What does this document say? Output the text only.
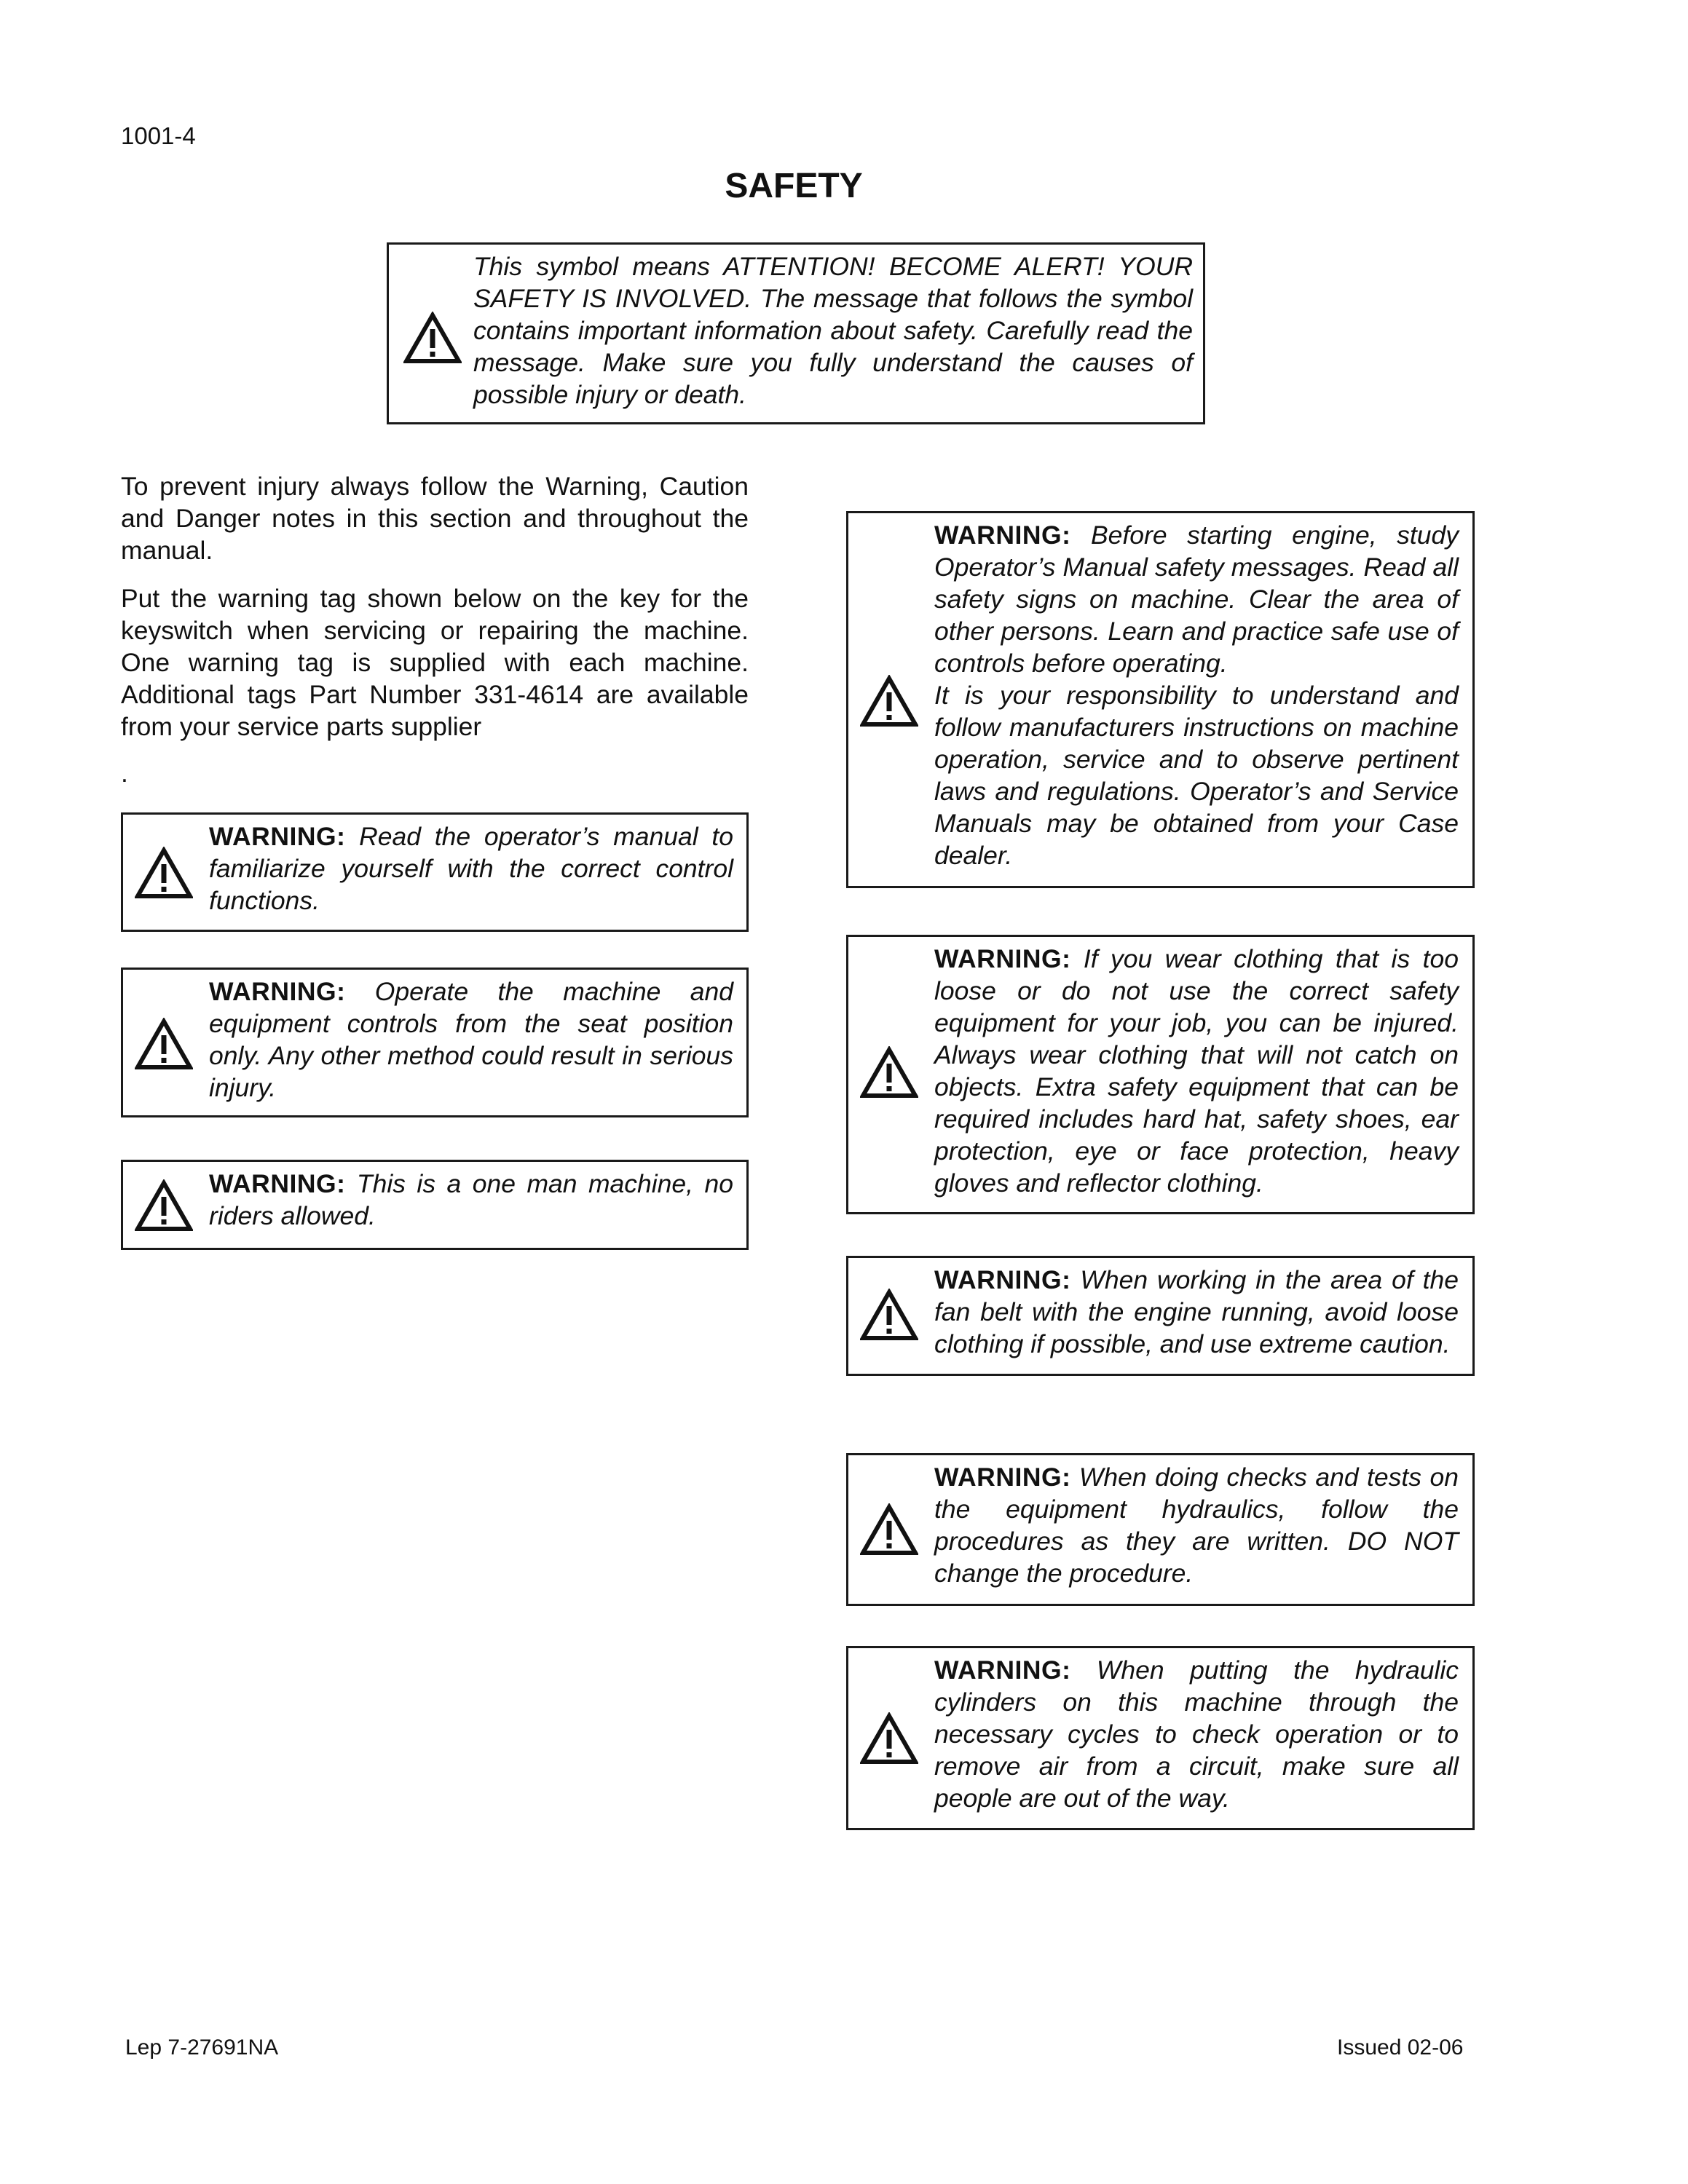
1001-4
SAFETY
This symbol means ATTENTION! BECOME ALERT! YOUR SAFETY IS INVOLVED. The message that follows the symbol contains important information about safety. Carefully read the message. Make sure you fully understand the causes of possible injury or death.
To prevent injury always follow the Warning, Caution and Danger notes in this section and throughout the manual.
Put the warning tag shown below on the key for the keyswitch when servicing or repairing the machine. One warning tag is supplied with each machine. Additional tags Part Number 331-4614 are available from your service parts supplier
.
WARNING: Read the operator’s manual to familiarize yourself with the correct control functions.
WARNING: Operate the machine and equipment controls from the seat position only. Any other method could result in serious injury.
WARNING: This is a one man machine, no riders allowed.
WARNING: Before starting engine, study Operator’s Manual safety messages. Read all safety signs on machine. Clear the area of other persons. Learn and practice safe use of controls before operating.
It is your responsibility to understand and follow manufacturers instructions on machine operation, service and to observe pertinent laws and regulations. Operator’s and Service Manuals may be obtained from your Case dealer.
WARNING: If you wear clothing that is too loose or do not use the correct safety equipment for your job, you can be injured. Always wear clothing that will not catch on objects. Extra safety equipment that can be required includes hard hat, safety shoes, ear protection, eye or face protection, heavy gloves and reflector clothing.
WARNING: When working in the area of the fan belt with the engine running, avoid loose clothing if possible, and use extreme caution.
WARNING: When doing checks and tests on the equipment hydraulics, follow the procedures as they are written. DO NOT change the procedure.
WARNING: When putting the hydraulic cylinders on this machine through the necessary cycles to check operation or to remove air from a circuit, make sure all people are out of the way.
Lep 7-27691NA	Issued 02-06
